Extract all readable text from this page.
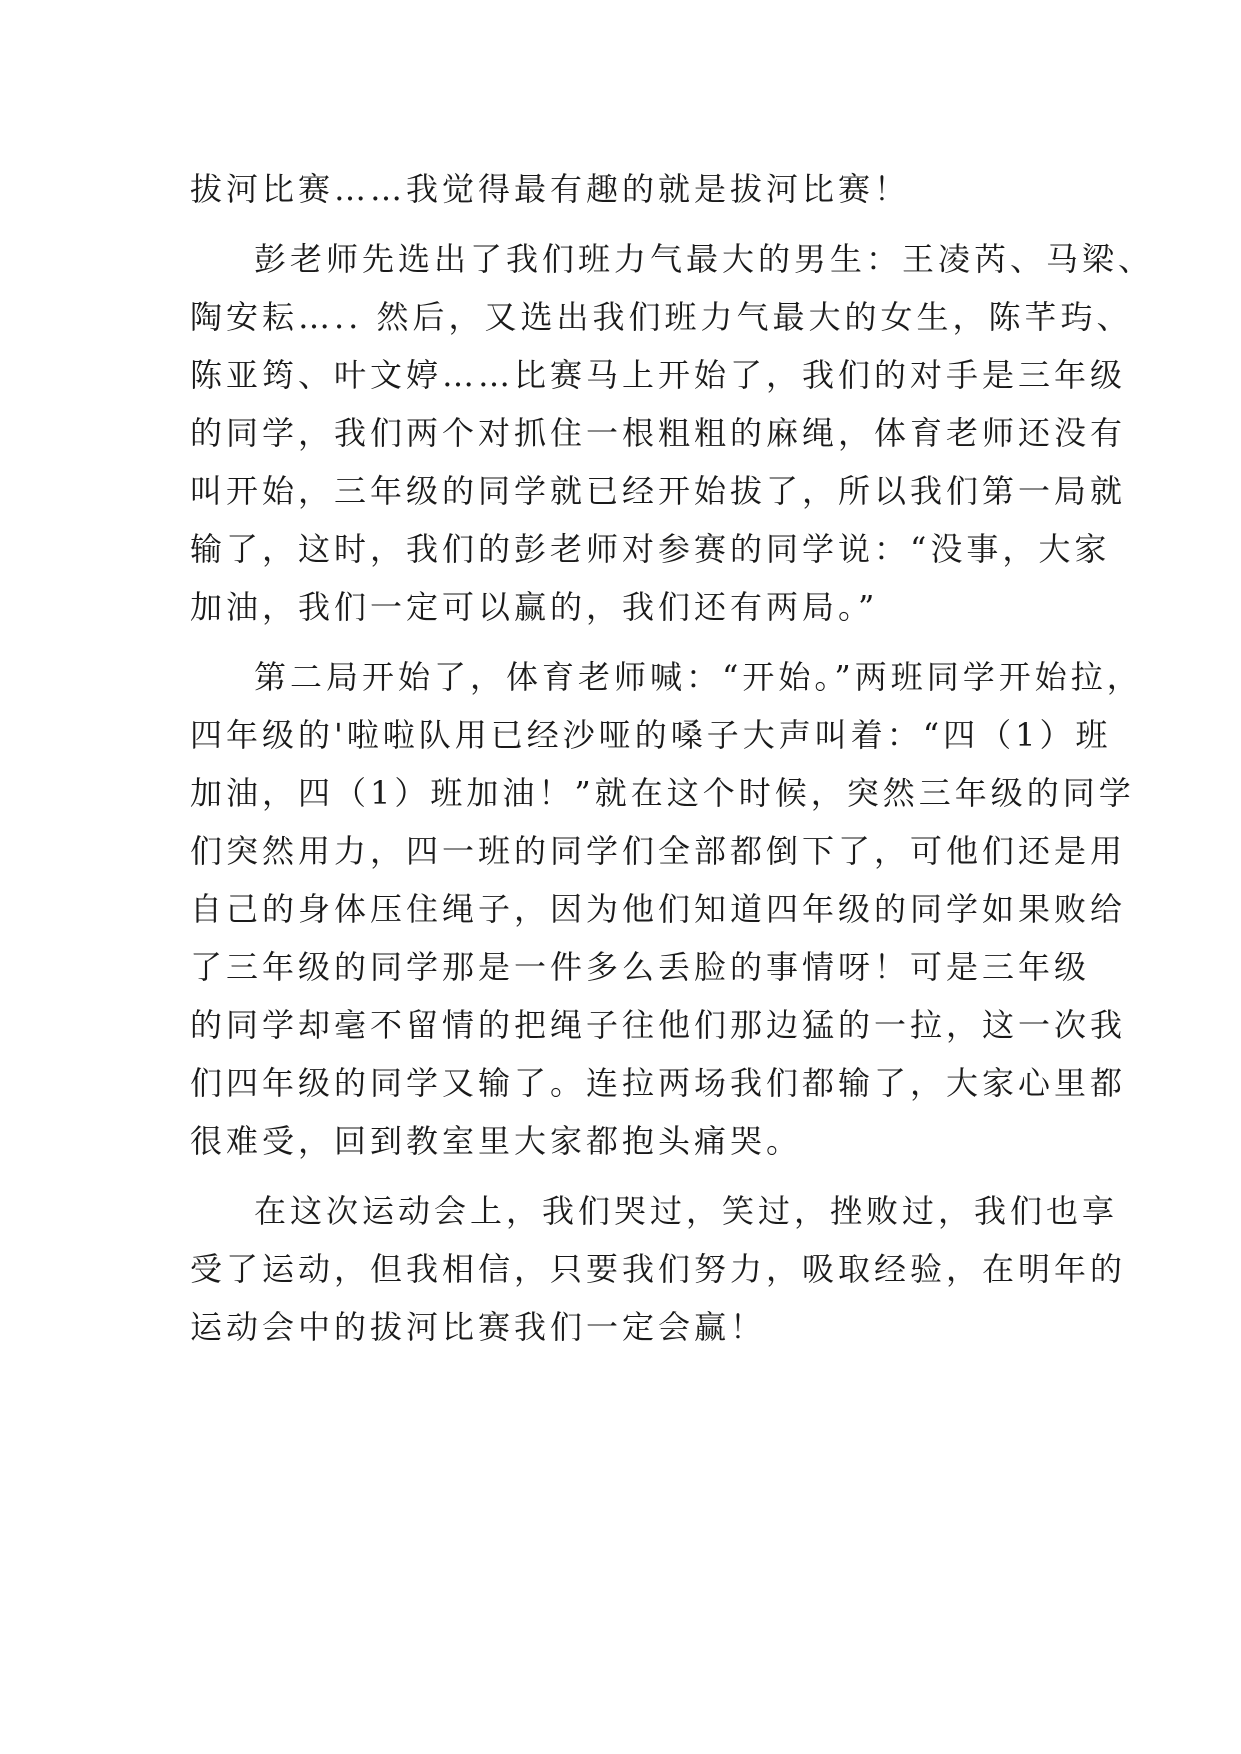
拔河比赛……我觉得最有趣的就是拔河比赛！
彭老师先选出了我们班力气最大的男生：王凌芮、马梁、
陶安耘….. 然后，又选出我们班力气最大的女生，陈芊玙、
陈亚筠、叶文婷……比赛马上开始了，我们的对手是三年级
的同学，我们两个对抓住一根粗粗的麻绳，体育老师还没有
叫开始，三年级的同学就已经开始拔了，所以我们第一局就
输了，这时，我们的彭老师对参赛的同学说：“没事，大家
加油，我们一定可以赢的，我们还有两局。”
第二局开始了，体育老师喊：“开始。”两班同学开始拉，
四年级的'啦啦队用已经沙哑的嗓子大声叫着：“四（1）班
加油，四（1）班加油！”就在这个时候，突然三年级的同学
们突然用力，四一班的同学们全部都倒下了，可他们还是用
自己的身体压住绳子，因为他们知道四年级的同学如果败给
了三年级的同学那是一件多么丢脸的事情呀！可是三年级
的同学却毫不留情的把绳子往他们那边猛的一拉，这一次我
们四年级的同学又输了。连拉两场我们都输了，大家心里都
很难受，回到教室里大家都抱头痛哭。
在这次运动会上，我们哭过，笑过，挫败过，我们也享
受了运动，但我相信，只要我们努力，吸取经验，在明年的
运动会中的拔河比赛我们一定会赢！
